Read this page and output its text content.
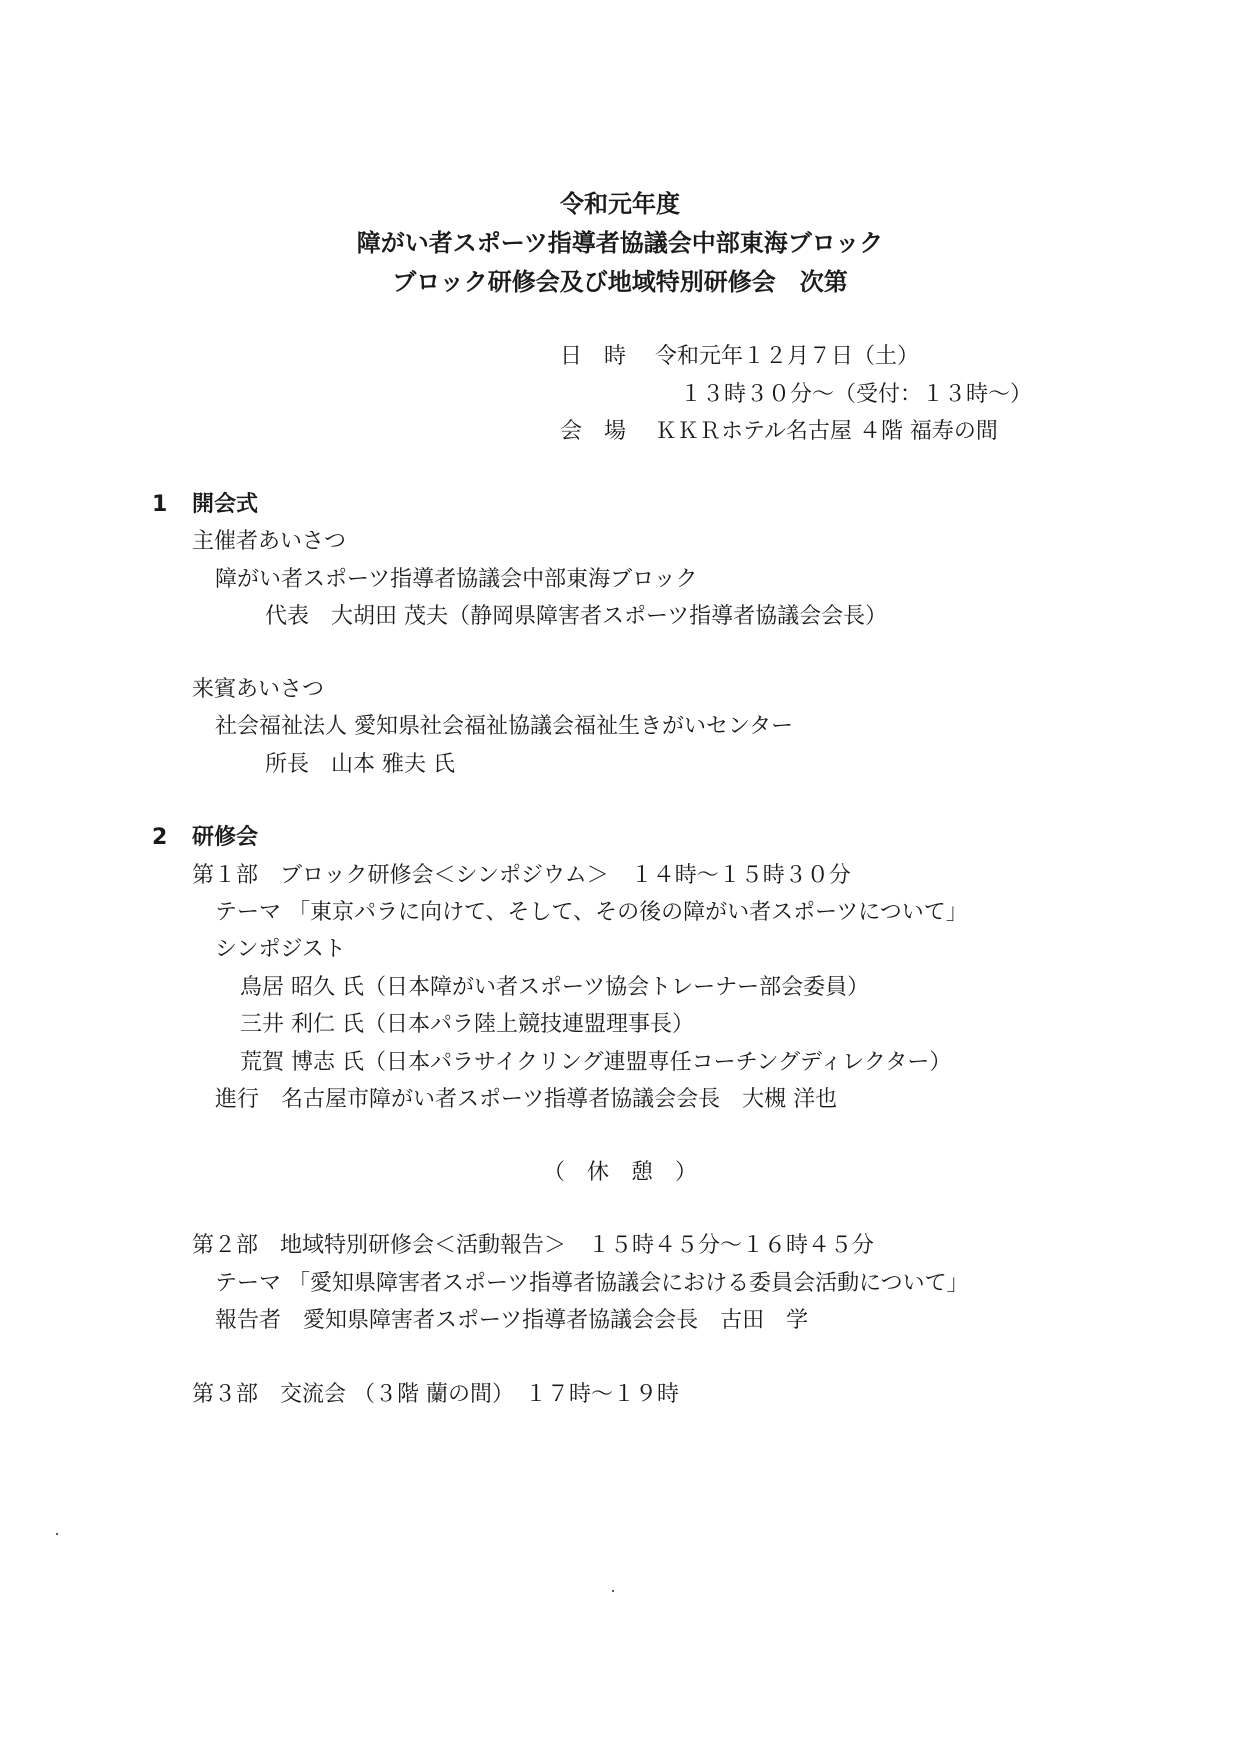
令和元年度
障がい者スポーツ指導者協議会中部東海ブロック
ブロック研修会及び地域特別研修会　次第
日　時 令和元年１２月７日（土）
１３時３０分～（受付：１３時～）
会　場 ＫＫＲホテル名古屋 ４階 福寿の間
1 開会式
主催者あいさつ
障がい者スポーツ指導者協議会中部東海ブロック
代表　大胡田 茂夫（静岡県障害者スポーツ指導者協議会会長）
来賓あいさつ
社会福祉法人 愛知県社会福祉協議会福祉生きがいセンター
所長　山本 雅夫 氏
2 研修会
第１部　ブロック研修会＜シンポジウム＞　１４時～１５時３０分
テーマ 「東京パラに向けて、そして、その後の障がい者スポーツについて」
シンポジスト
鳥居 昭久 氏（日本障がい者スポーツ協会トレーナー部会委員）
三井 利仁 氏（日本パラ陸上競技連盟理事長）
荒賀 博志 氏（日本パラサイクリング連盟専任コーチングディレクター）
進行　名古屋市障がい者スポーツ指導者協議会会長　大槻 洋也
（　休　憩　）
第２部　地域特別研修会＜活動報告＞　１５時４５分～１６時４５分
テーマ 「愛知県障害者スポーツ指導者協議会における委員会活動について」
報告者　愛知県障害者スポーツ指導者協議会会長　古田　学
第３部　交流会 （３階 蘭の間）　１７時～１９時
